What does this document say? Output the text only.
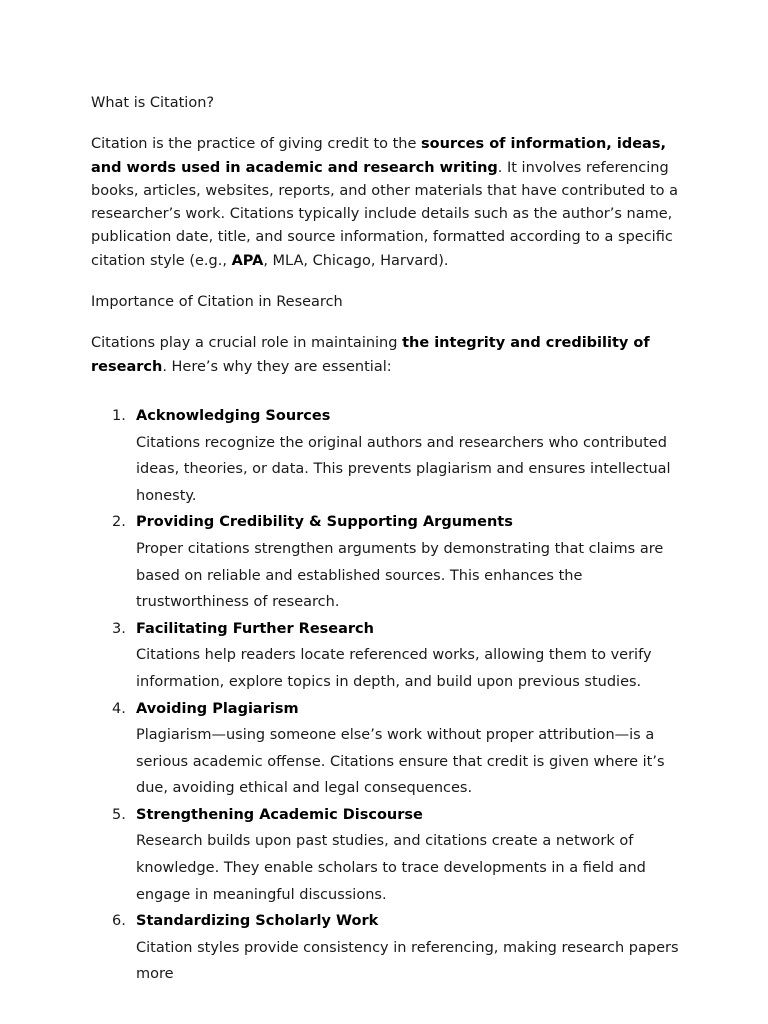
What is Citation?

Citation is the practice of giving credit to the sources of information, ideas, and words used in academic and research writing. It involves referencing books, articles, websites, reports, and other materials that have contributed to a researcher’s work. Citations typically include details such as the author’s name, publication date, title, and source information, formatted according to a specific citation style (e.g., APA, MLA, Chicago, Harvard).

Importance of Citation in Research

Citations play a crucial role in maintaining the integrity and credibility of research. Here’s why they are essential:

1. Acknowledging Sources
Citations recognize the original authors and researchers who contributed ideas, theories, or data. This prevents plagiarism and ensures intellectual honesty.
2. Providing Credibility & Supporting Arguments
Proper citations strengthen arguments by demonstrating that claims are based on reliable and established sources. This enhances the trustworthiness of research.
3. Facilitating Further Research
Citations help readers locate referenced works, allowing them to verify information, explore topics in depth, and build upon previous studies.
4. Avoiding Plagiarism
Plagiarism—using someone else’s work without proper attribution—is a serious academic offense. Citations ensure that credit is given where it’s due, avoiding ethical and legal consequences.
5. Strengthening Academic Discourse
Research builds upon past studies, and citations create a network of knowledge. They enable scholars to trace developments in a field and engage in meaningful discussions.
6. Standardizing Scholarly Work
Citation styles provide consistency in referencing, making research papers more
